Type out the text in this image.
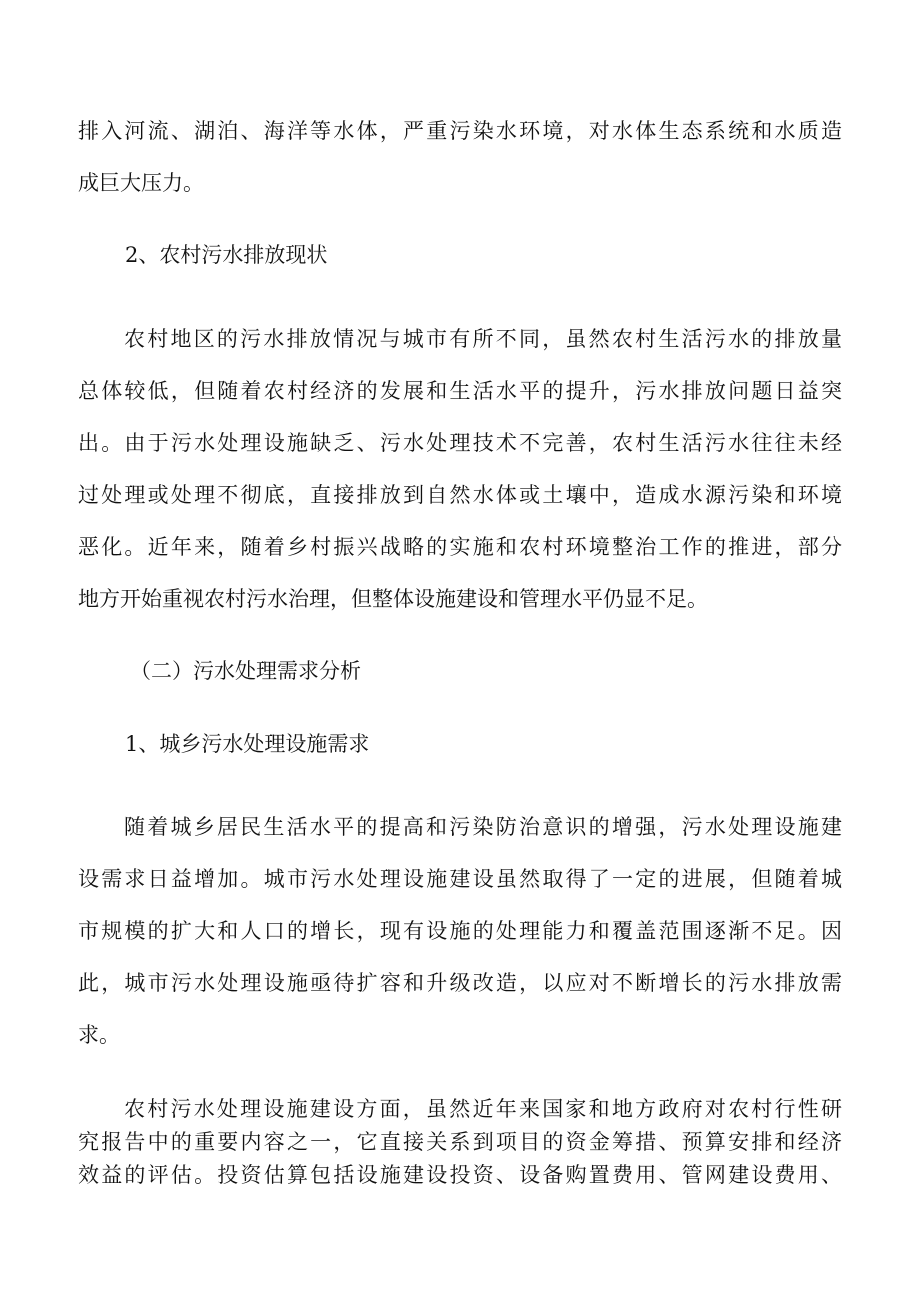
排入河流、湖泊、海洋等水体，严重污染水环境，对水体生态系统和水质造
成巨大压力。
2、农村污水排放现状
农村地区的污水排放情况与城市有所不同，虽然农村生活污水的排放量
总体较低，但随着农村经济的发展和生活水平的提升，污水排放问题日益突
出。由于污水处理设施缺乏、污水处理技术不完善，农村生活污水往往未经
过处理或处理不彻底，直接排放到自然水体或土壤中，造成水源污染和环境
恶化。近年来，随着乡村振兴战略的实施和农村环境整治工作的推进，部分
地方开始重视农村污水治理，但整体设施建设和管理水平仍显不足。
（二）污水处理需求分析
1、城乡污水处理设施需求
随着城乡居民生活水平的提高和污染防治意识的增强，污水处理设施建
设需求日益增加。城市污水处理设施建设虽然取得了一定的进展，但随着城
市规模的扩大和人口的增长，现有设施的处理能力和覆盖范围逐渐不足。因
此，城市污水处理设施亟待扩容和升级改造，以应对不断增长的污水排放需
求。
农村污水处理设施建设方面，虽然近年来国家和地方政府对农村行性研
究报告中的重要内容之一，它直接关系到项目的资金筹措、预算安排和经济
效益的评估。投资估算包括设施建设投资、设备购置费用、管网建设费用、
